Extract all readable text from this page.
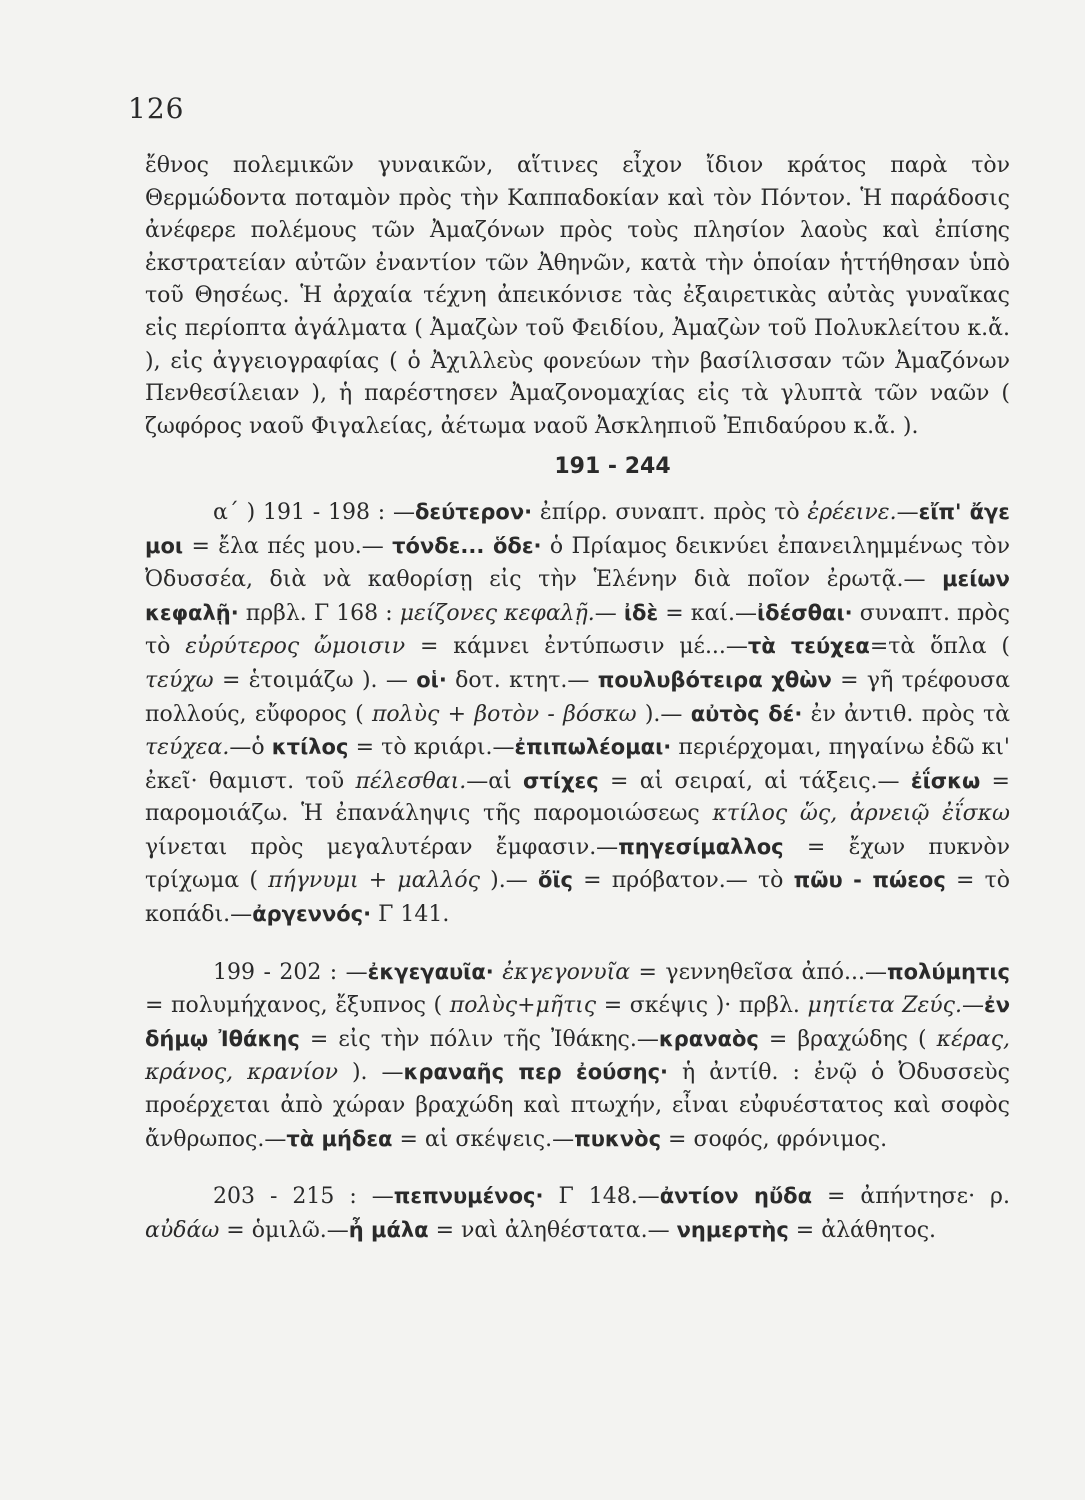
126

ἔθνος πολεμικῶν γυναικῶν, αἵτινες εἶχον ἴδιον κράτος παρὰ τὸν Θερμώδοντα ποταμὸν πρὸς τὴν Καππαδοκίαν καὶ τὸν Πόντον. Ἡ παράδοσις ἀνέφερε πολέμους τῶν Ἀμαζόνων πρὸς τοὺς πλησίον λαοὺς καὶ ἐπίσης ἐκστρατείαν αὐτῶν ἐναντίον τῶν Ἀθηνῶν, κατὰ τὴν ὁποίαν ἡττήθησαν ὑπὸ τοῦ Θησέως. Ἡ ἀρχαία τέχνη ἀπεικόνισε τὰς ἐξαιρετικὰς αὐτὰς γυναῖκας εἰς περίοπτα ἀγάλματα ( Ἀμαζὼν τοῦ Φειδίου, Ἀμαζὼν τοῦ Πολυκλείτου κ.ἄ. ), εἰς ἀγγειογραφίας ( ὁ Ἀχιλλεὺς φονεύων τὴν βασίλισσαν τῶν Ἀμαζόνων Πενθεσίλειαν ), ἡ παρέστησεν Ἀμαζονομαχίας εἰς τὰ γλυπτὰ τῶν ναῶν ( ζωφόρος ναοῦ Φιγαλείας, ἀέτωμα ναοῦ Ἀσκληπιοῦ Ἐπιδαύρου κ.ἄ. ).

191 - 244

α΄ ) 191 - 198 : —δεύτερον· ἐπίρρ. συναπτ. πρὸς τὸ ἐρέεινε.—εἴπ' ἄγε μοι = ἔλα πές μου.— τόνδε... ὅδε· ὁ Πρίαμος δεικνύει ἐπανειλημμένως τὸν Ὀδυσσέα, διὰ νὰ καθορίσῃ εἰς τὴν Ἑλένην διὰ ποῖον ἐρωτᾷ.— μείων κεφαλῇ· πρβλ. Γ 168 : μείζονες κεφαλῇ.— ἰδὲ = καί.—ἰδέσθαι· συναπτ. πρὸς τὸ εὐρύτερος ὤμοισιν = κάμνει ἐντύπωσιν μέ...—τὰ τεύχεα=τὰ ὅπλα ( τεύχω = ἑτοιμάζω ). — οἱ· δοτ. κτητ.— πουλυβότειρα χθὼν = γῆ τρέφουσα πολλούς, εὔφορος ( πολὺς + βοτὸν - βόσκω ).— αὐτὸς δέ· ἐν ἀντιθ. πρὸς τὰ τεύχεα.—ὁ κτίλος = τὸ κριάρι.—ἐπιπωλέομαι· περιέρχομαι, πηγαίνω ἐδῶ κι' ἐκεῖ· θαμιστ. τοῦ πέλεσθαι.—αἱ στίχες = αἱ σειραί, αἱ τάξεις.— ἐΐσκω = παρομοιάζω. Ἡ ἐπανάληψις τῆς παρομοιώσεως κτίλος ὥς, ἀρνειῷ ἐΐσκω γίνεται πρὸς μεγαλυτέραν ἔμφασιν.—πηγεσίμαλλος = ἔχων πυκνὸν τρίχωμα ( πήγνυμι + μαλλός ).— ὄϊς = πρόβατον.— τὸ πῶυ - πώεος = τὸ κοπάδι.—ἀργεννός· Γ 141.

199 - 202 : —ἐκγεγαυῖα· ἐκγεγονυῖα = γεννηθεῖσα ἀπό...—πολύμητις = πολυμήχανος, ἔξυπνος ( πολὺς+μῆτις = σκέψις )· πρβλ. μητίετα Ζεύς.—ἐν δήμῳ Ἰθάκης = εἰς τὴν πόλιν τῆς Ἰθάκης.—κραναὸς = βραχώδης ( κέρας, κράνος, κρανίον ). —κραναῆς περ ἐούσης· ἡ ἀντίθ. : ἐνῷ ὁ Ὀδυσσεὺς προέρχεται ἀπὸ χώραν βραχώδη καὶ πτωχήν, εἶναι εὐφυέστατος καὶ σοφὸς ἄνθρωπος.—τὰ μήδεα = αἱ σκέψεις.—πυκνὸς = σοφός, φρόνιμος.

203 - 215 : —πεπνυμένος· Γ 148.—ἀντίον ηὔδα = ἀπήντησε· ρ. αὐδάω = ὁμιλῶ.—ἦ μάλα = ναὶ ἀληθέστατα.— νημερτὴς = ἀλάθητος.
